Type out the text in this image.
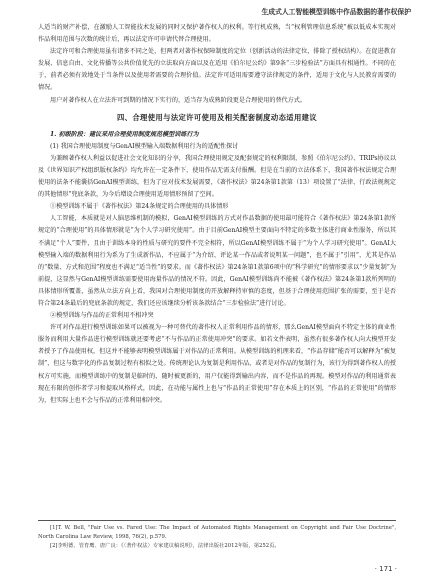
生成式人工智能模型训练中作品数据的著作权保护

人适当的财产补偿，在激励人工智能技术发展的同时又保护著作权人的权利。等行机成熟，当“权利管理信息系统”被以低成本实现对作品利用范围与次数的统计后，再以法定许可申请代替合理使用。

法定许可和合理使用虽有诸多不同之处，但两者对著作权保障制度的定位（创新活动的法律定位，排除了授权结构）。在促进教育发展、信息自由、文化传播等公共价值优先的立法取向方面以及在适用《伯尔尼公约》第9条“三步检验法”方面具有相通性。不同的在于，前者必须有效地处于当条件以及使用者需要的合理价值。法定许可适用需要遵守法律规定的条件，适用于文化与人民教育需要的情况。

用户对著作权人在立法许可到期的情况下实行的，适当存为成熟阶段更是合理使用的替代方式。

四、合理使用与法定许可使用及相关配套制度动态适用建议
1. 初级阶段：建议采用合理使用制度规范模型训练行为
(1) 我国合理使用制度与GenAI模型输入端数据利用行为的适配性探讨

为兼顾著作权人利益以促进社会文化知识的分享，我国合理使用规定及配套规定的权利限制，参照《伯尔尼公约》、TRIPs协议以及《世界知识产权组织版权条约》均允许在一定条件下，使用作品无需支付报酬。但是在当前的立法体系下，我国著作权法规定合理使用的法条不能囊括GenAI模型训练，但为了应对技术发展需要，《著作权法》第24条第1款第（13）项设置了“法律、行政法规规定的其他情形”兜底条款，为今后增设合理使用适用情形预留了空间。

①模型训练不属于《著作权法》第24条规定的合理使用的具体情形

人工智能，本质就是对人脑思维机制的模拟，GenAI模型训练的方式对作品数据的使用最可能符合《著作权法》第24条第1款所规定的“合理使用”的具体情形就是“为个人学习研究使用”。由于目前GenAI模型主要面向不特定的多数主体进行商业性服务，所以其不满足“个人”要件，且由于训练本身的性质与研究的要件不完全相符，所以GenAI模型训练不属于“为个人学习研究使用”。GenAI大模型输入端的数据利用行为系为了生成新作品，不应属于“为介绍、评论某一作品或者说明某一问题”，也不属于“引用”，尤其是作品的“数量、方式和范围”程度也不满足“适当性”的要求。而《著作权法》第24条第1款第6项中的“科学研究”的情形要求以“少量复制”为前提，这显然与GenAI模型训练需要使用海量作品的情况不符。因此，GenAI模型训练尚不能被《著作权法》第24条第1款所列明的具体情形所覆盖，虽然从立法方向上看，我国对合理使用制度的开放解释持审慎的态度，但基于合理使用范围扩张的需要，至于是否符合第24条最后的兜底条款的规定，我们还应该继续分析该条款结合“三步检验法”进行讨论。

②模型训练与作品的正常利用不相冲突

许可对作品进行模型训练如果可以被视为一种可替代的著作权人正常利用作品的情形，那么GenAI模型面向不特定主体的商业性服务而利用大量作品进行模型训练就还要考虑“不与作品的正常使用冲突”的要求。如若文件表明，虽然有很多著作权人向大模型开发者授予了作品使用权，但这并不能够表明模型训练属于对作品的正常利用。从模型训练的机理来看，“作品存储”能否可以解释为“被复制”，但这与数字化的作品复制过程有相似之处。传统理论认为复制是利用作品，或者是对作品的复制行为，该行为得到著作权人的授权方可实施，而模型训练中的复制是临时的、随时被更新的，用户仅能得到输出内容，而不是作品的再现。模型对作品的利用通常表现在有限的创作者学习和提取风格样式，因此，在功能与属性上也与“作品的正常使用”存在本质上的区别，“作品的正常使用”的情形为，但实际上也不会与作品的正常利用相冲突。

[1]T. W. Bell, "Fair Use vs. Fared Use: The Impact of Automated Rights Management on Copyright and Fair Use Doctrine", North Carolina Law Review, 1998, 76(2), p.579.

[2]李明德、管育鹰、唐广良：《〈著作权法〉专家建议稿说明》，法律出版社2012年版，第252页。

· 171 ·
